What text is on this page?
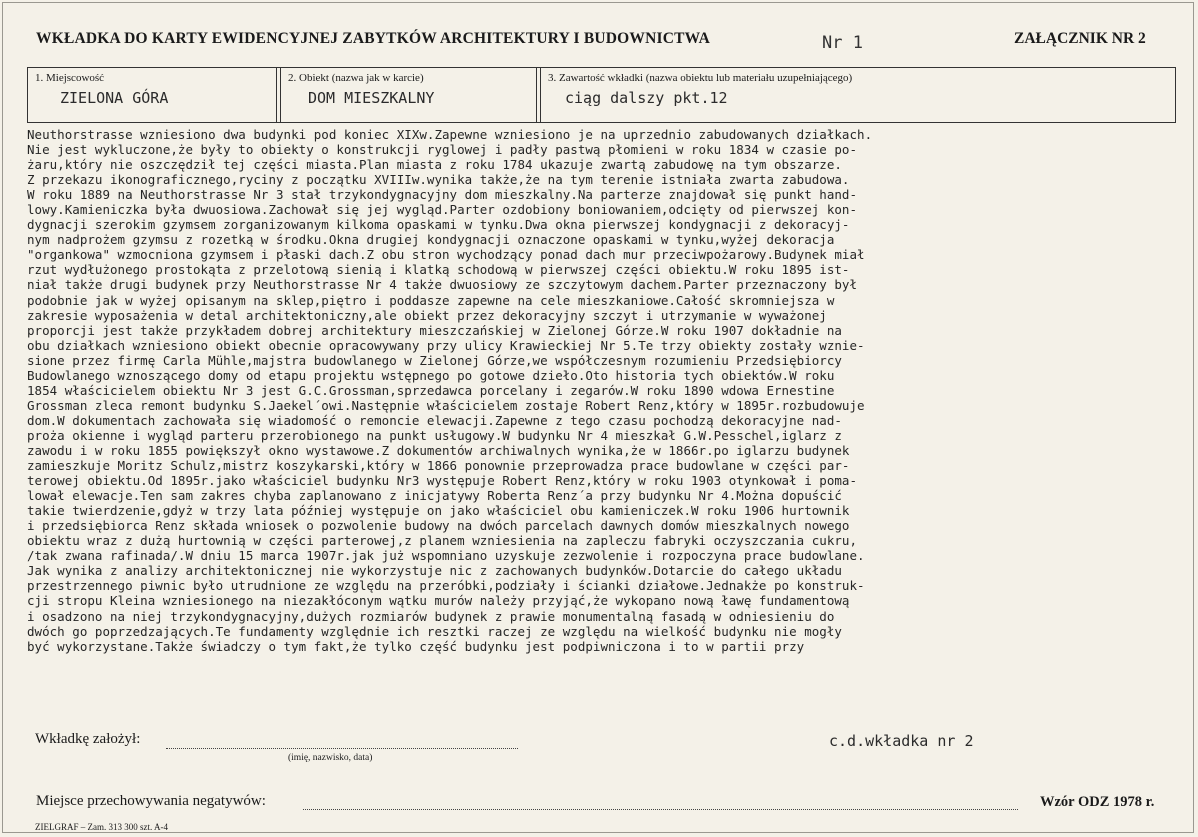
WKŁADKA DO KARTY EWIDENCYJNEJ ZABYTKÓW ARCHITEKTURY I BUDOWNICTWA	Nr 1	ZAŁĄCZNIK NR 2
1. Miejscowość
ZIELONA GÓRA
2. Obiekt (nazwa jak w karcie)
DOM MIESZKALNY
3. Zawartość wkładki (nazwa obiektu lub materiału uzupełniającego)
ciąg dalszy pkt.12
Neuthorstrasse wzniesiono dwa budynki pod koniec XIXw.Zapewne wzniesiono je na uprzednio zabudowanych działkach.
Nie jest wykluczone,że były to obiekty o konstrukcji ryglowej i padły pastwą płomieni w roku 1834 w czasie po-
żaru,który nie oszczędził tej części miasta.Plan miasta z roku 1784 ukazuje zwartą zabudowę na tym obszarze.
Z przekazu ikonograficznego,ryciny z początku XVIIIw.wynika także,że na tym terenie istniała zwarta zabudowa.
W roku 1889 na Neuthorstrasse Nr 3 stał trzykondygnacyjny dom mieszkalny.Na parterze znajdował się punkt hand-
lowy.Kamieniczka była dwuosiowa.Zachował się jej wygląd.Parter ozdobiony boniowaniem,odcięty od pierwszej kon-
dygnacji szerokim gzymsem zorganizowanym kilkoma opaskami w tynku.Dwa okna pierwszej kondygnacji z dekoracyj-
nym nadprożem gzymsu z rozetką w środku.Okna drugiej kondygnacji oznaczone opaskami w tynku,wyżej dekoracja
"organkowa" wzmocniona gzymsem i płaski dach.Z obu stron wychodzący ponad dach mur przeciwpożarowy.Budynek miał
rzut wydłużonego prostokąta z przelotową sienią i klatką schodową w pierwszej części obiektu.W roku 1895 ist-
niał także drugi budynek przy Neuthorstrasse Nr 4 także dwuosiowy ze szczytowym dachem.Parter przeznaczony był
podobnie jak w wyżej opisanym na sklep,piętro i poddasze zapewne na cele mieszkaniowe.Całość skromniejsza w
zakresie wyposażenia w detal architektoniczny,ale obiekt przez dekoracyjny szczyt i utrzymanie w wyważonej
proporcji jest także przykładem dobrej architektury mieszczańskiej w Zielonej Górze.W roku 1907 dokładnie na
obu działkach wzniesiono obiekt obecnie opracowywany przy ulicy Krawieckiej Nr 5.Te trzy obiekty zostały wznie-
sione przez firmę Carla Mühle,majstra budowlanego w Zielonej Górze,we współczesnym rozumieniu Przedsiębiorcy
Budowlanego wznoszącego domy od etapu projektu wstępnego po gotowe dzieło.Oto historia tych obiektów.W roku
1854 właścicielem obiektu Nr 3 jest G.C.Grossman,sprzedawca porcelany i zegarów.W roku 1890 wdowa Ernestine
Grossman zleca remont budynku S.Jaekel´owi.Następnie właścicielem zostaje Robert Renz,który w 1895r.rozbudowuje
dom.W dokumentach zachowała się wiadomość o remoncie elewacji.Zapewne z tego czasu pochodzą dekoracyjne nad-
proża okienne i wygląd parteru przerobionego na punkt usługowy.W budynku Nr 4 mieszkał G.W.Pesschel,iglarz z
zawodu i w roku 1855 powiększył okno wystawowe.Z dokumentów archiwalnych wynika,że w 1866r.po iglarzu budynek
zamieszkuje Moritz Schulz,mistrz koszykarski,który w 1866 ponownie przeprowadza prace budowlane w części par-
terowej obiektu.Od 1895r.jako właściciel budynku Nr3 występuje Robert Renz,który w roku 1903 otynkował i poma-
lował elewacje.Ten sam zakres chyba zaplanowano z inicjatywy Roberta Renz´a przy budynku Nr 4.Można dopuścić
takie twierdzenie,gdyż w trzy lata później występuje on jako właściciel obu kamieniczek.W roku 1906 hurtownik
i przedsiębiorca Renz składa wniosek o pozwolenie budowy na dwóch parcelach dawnych domów mieszkalnych nowego
obiektu wraz z dużą hurtownią w części parterowej,z planem wzniesienia na zapleczu fabryki oczyszczania cukru,
/tak zwana rafinada/.W dniu 15 marca 1907r.jak już wspomniano uzyskuje zezwolenie i rozpoczyna prace budowlane.
Jak wynika z analizy architektonicznej nie wykorzystuje nic z zachowanych budynków.Dotarcie do całego układu
przestrzennego piwnic było utrudnione ze względu na przeróbki,podziały i ścianki działowe.Jednakże po konstruk-
cji stropu Kleina wzniesionego na niezakłóconym wątku murów należy przyjąć,że wykopano nową ławę fundamentową
i osadzono na niej trzykondygnacyjny,dużych rozmiarów budynek z prawie monumentalną fasadą w odniesieniu do
dwóch go poprzedzających.Te fundamenty względnie ich resztki raczej ze względu na wielkość budynku nie mogły
być wykorzystane.Także świadczy o tym fakt,że tylko część budynku jest podpiwniczona i to w partii przy
Wkładkę założył:
(imię, nazwisko, data)
c.d.wkładka nr 2
Miejsce przechowywania negatywów:	Wzór ODZ 1978 r.
ZIELGRAF – Zam. 313 300 szt. A-4
